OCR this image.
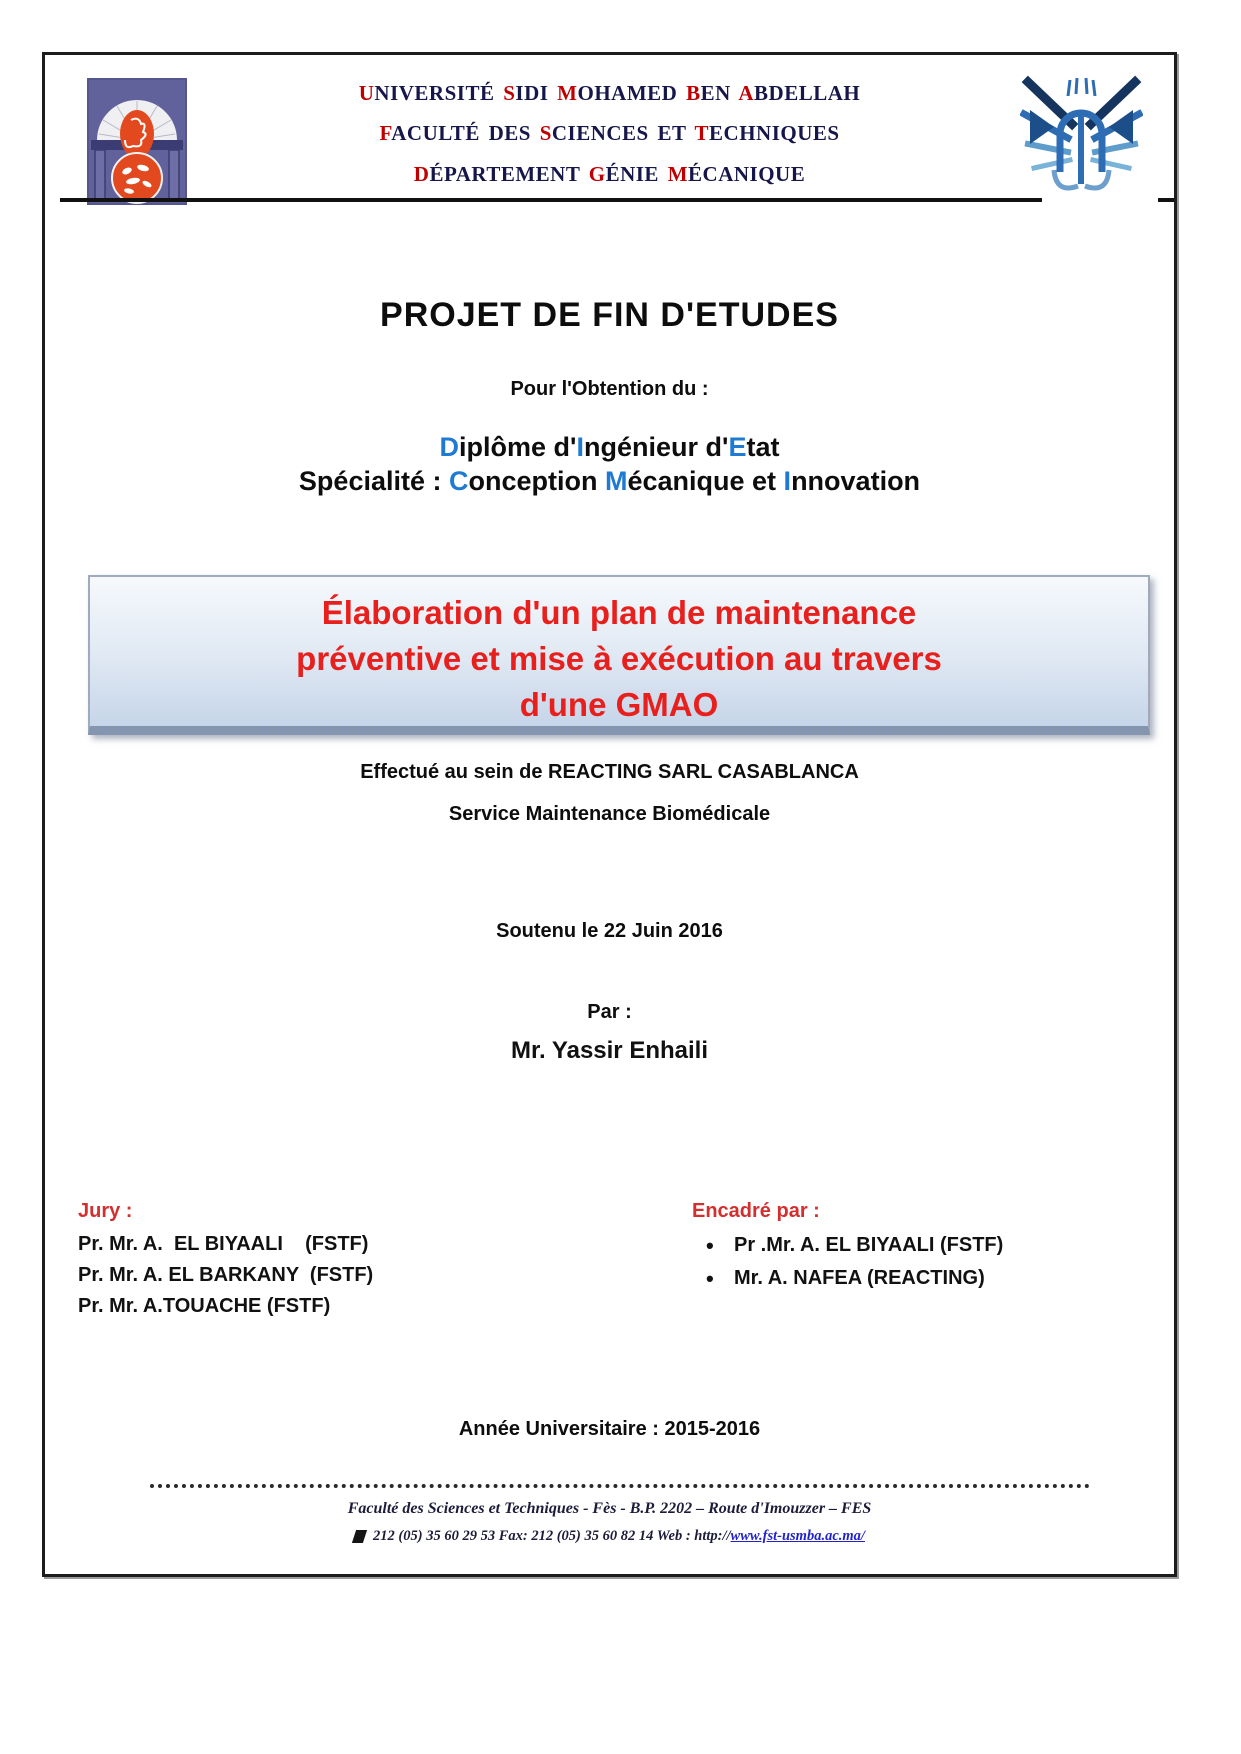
UNIVERSITÉ SIDI MOHAMED BEN ABDELLAH
FACULTÉ DES SCIENCES ET TECHNIQUES
DÉPARTEMENT GÉNIE MÉCANIQUE
PROJET DE FIN D'ETUDES
Pour l'Obtention du :
Diplôme d'Ingénieur d'Etat
Spécialité : Conception Mécanique et Innovation
Élaboration d'un plan de maintenance
préventive et mise à exécution au travers
d'une GMAO
Effectué au sein de REACTING SARL CASABLANCA
Service Maintenance Biomédicale
Soutenu le 22 Juin 2016
Par :
Mr. Yassir Enhaili
Jury :
Pr. Mr. A.  EL BIYAALI    (FSTF)
Pr. Mr. A. EL BARKANY  (FSTF)
Pr. Mr. A.TOUACHE (FSTF)
Encadré par :
• Pr .Mr. A. EL BIYAALI (FSTF)
• Mr. A. NAFEA (REACTING)
Année Universitaire : 2015-2016
Faculté des Sciences et Techniques - Fès - B.P. 2202 – Route d'Imouzzer – FES
212 (05) 35 60 29 53 Fax: 212 (05) 35 60 82 14 Web : http://www.fst-usmba.ac.ma/
